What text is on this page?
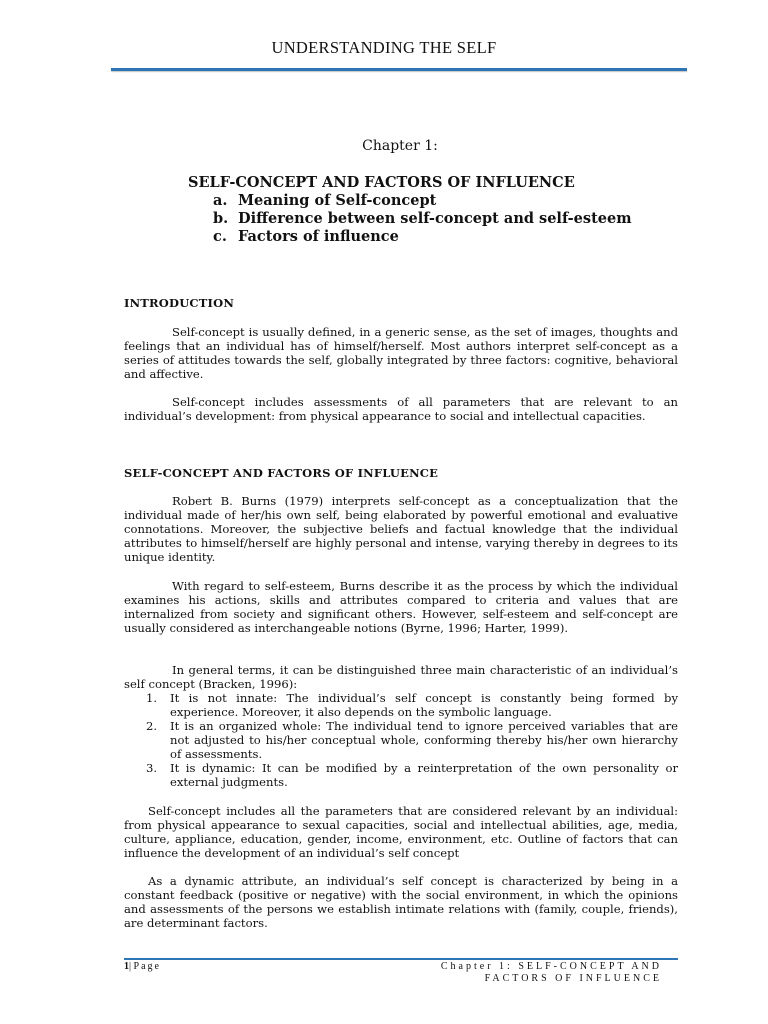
UNDERSTANDING THE SELF
Chapter 1:
SELF-CONCEPT AND FACTORS OF INFLUENCE
a. Meaning of Self-concept
b. Difference between self-concept and self-esteem
c. Factors of influence
INTRODUCTION

Self-concept is usually defined, in a generic sense, as the set of images, thoughts and feelings that an individual has of himself/herself. Most authors interpret self-concept as a series of attitudes towards the self, globally integrated by three factors: cognitive, behavioral and affective.

Self-concept includes assessments of all parameters that are relevant to an individual’s development: from physical appearance to social and intellectual capacities.

SELF-CONCEPT AND FACTORS OF INFLUENCE

Robert B. Burns (1979) interprets self-concept as a conceptualization that the individual made of her/his own self, being elaborated by powerful emotional and evaluative connotations. Moreover, the subjective beliefs and factual knowledge that the individual attributes to himself/herself are highly personal and intense, varying thereby in degrees to its unique identity.

With regard to self-esteem, Burns describe it as the process by which the individual examines his actions, skills and attributes compared to criteria and values that are internalized from society and significant others. However, self-esteem and self-concept are usually considered as interchangeable notions (Byrne, 1996; Harter, 1999).

In general terms, it can be distinguished three main characteristic of an individual’s self concept (Bracken, 1996):

1. It is not innate: The individual’s self concept is constantly being formed by experience. Moreover, it also depends on the symbolic language.
2. It is an organized whole: The individual tend to ignore perceived variables that are not adjusted to his/her conceptual whole, conforming thereby his/her own hierarchy of assessments.
3. It is dynamic: It can be modified by a reinterpretation of the own personality or external judgments.

Self-concept includes all the parameters that are considered relevant by an individual: from physical appearance to sexual capacities, social and intellectual abilities, age, media, culture, appliance, education, gender, income, environment, etc. Outline of factors that can influence the development of an individual’s self concept

As a dynamic attribute, an individual’s self concept is characterized by being in a constant feedback (positive or negative) with the social environment, in which the opinions and assessments of the persons we establish intimate relations with (family, couple, friends), are determinant factors.

1| Page	Chapter 1: SELF-CONCEPT AND
FACTORS OF INFLUENCE
